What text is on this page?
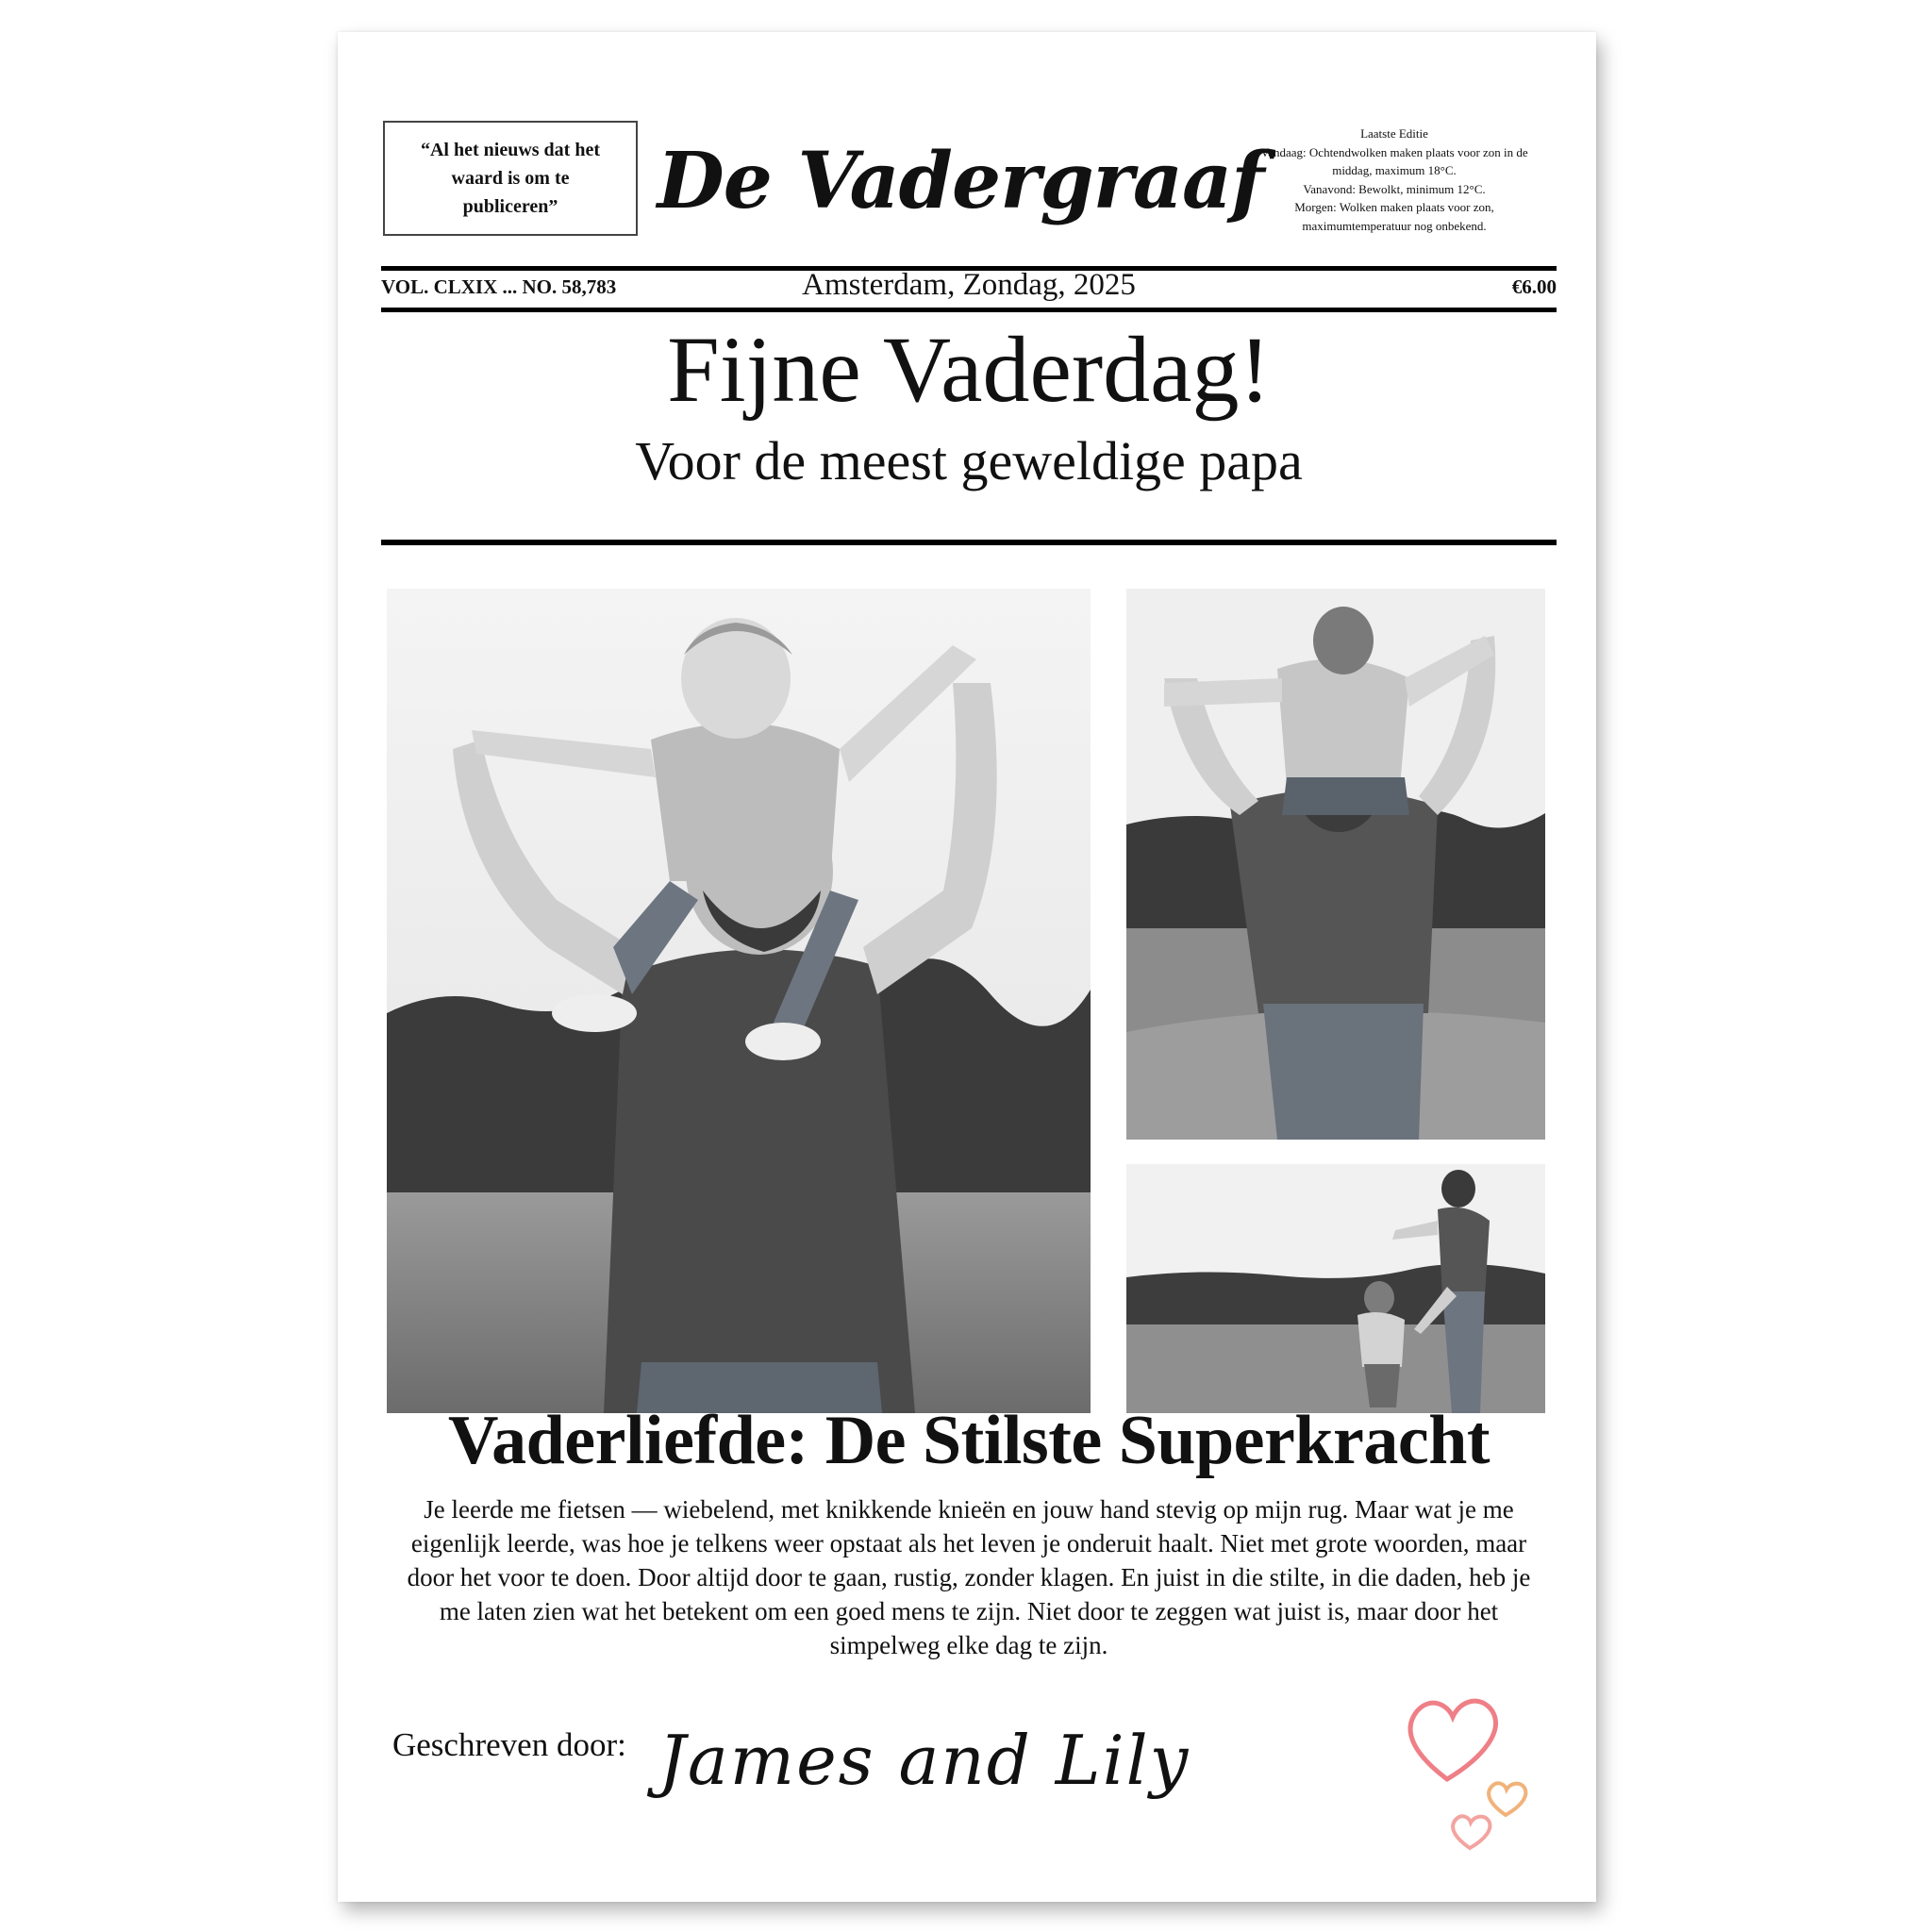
“Al het nieuws dat het waard is om te publiceren”	De Vadergraaf
Laatste Editie
Vandaag: Ochtendwolken maken plaats voor zon in de middag, maximum 18°C.
Vanavond: Bewolkt, minimum 12°C.
Morgen: Wolken maken plaats voor zon, maximumtemperatuur nog onbekend.
VOL. CLXIX ... NO. 58,783	Amsterdam, Zondag, 2025	€6.00
Fijne Vaderdag!
Voor de meest geweldige papa
Vaderliefde: De Stilste Superkracht
Je leerde me fietsen — wiebelend, met knikkende knieën en jouw hand stevig op mijn rug. Maar wat je me eigenlijk leerde, was hoe je telkens weer opstaat als het leven je onderuit haalt. Niet met grote woorden, maar door het voor te doen. Door altijd door te gaan, rustig, zonder klagen. En juist in die stilte, in die daden, heb je me laten zien wat het betekent om een goed mens te zijn. Niet door te zeggen wat juist is, maar door het simpelweg elke dag te zijn.
Geschreven door: James and Lily
